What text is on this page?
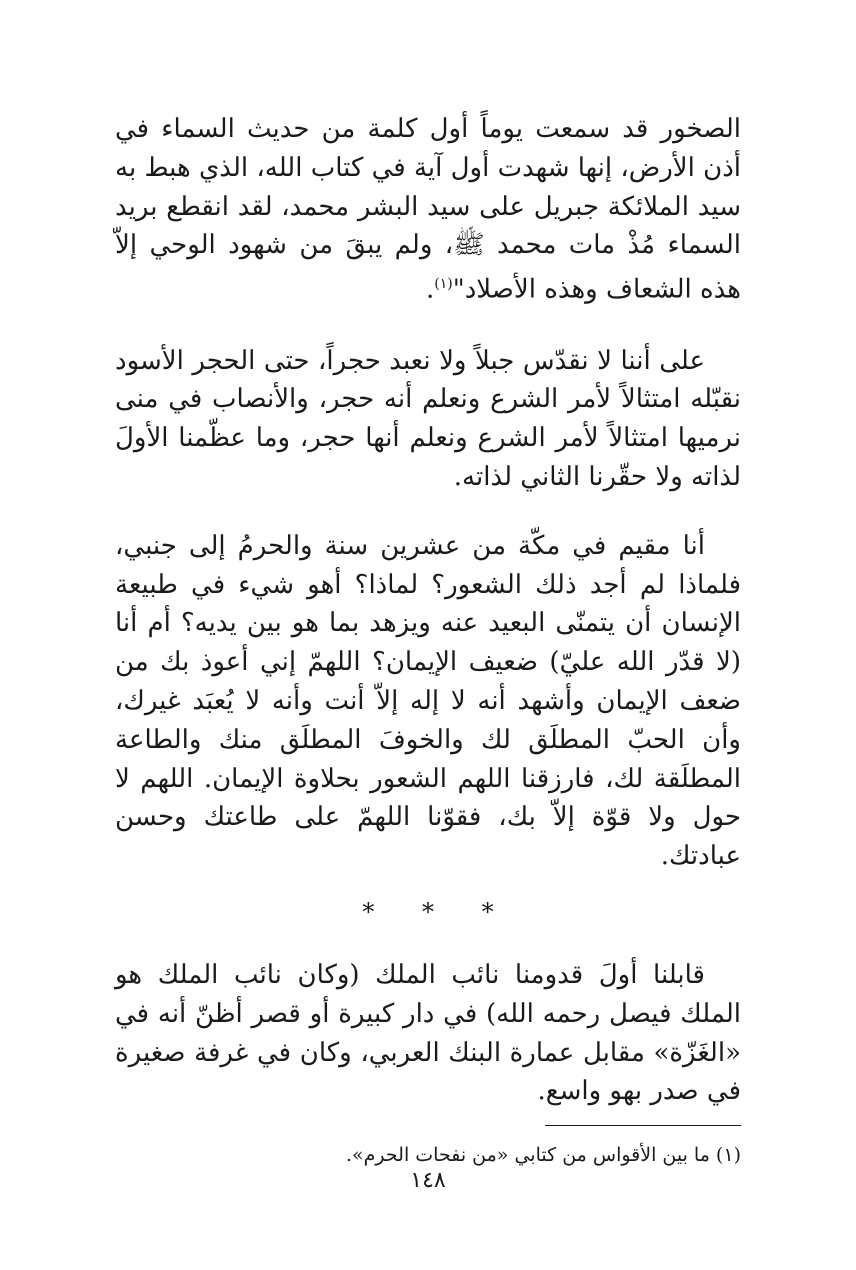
الصخور قد سمعت يوماً أول كلمة من حديث السماء في أذن الأرض، إنها شهدت أول آية في كتاب الله، الذي هبط به سيد الملائكة جبريل على سيد البشر محمد، لقد انقطع بريد السماء مُذْ مات محمد ﷺ، ولم يبقَ من شهود الوحي إلاّ هذه الشعاف وهذه الأصلاد"$^{(١)}$.

على أننا لا نقدّس جبلاً ولا نعبد حجراً، حتى الحجر الأسود نقبّله امتثالاً لأمر الشرع ونعلم أنه حجر، والأنصاب في منى نرميها امتثالاً لأمر الشرع ونعلم أنها حجر، وما عظّمنا الأولَ لذاته ولا حقّرنا الثاني لذاته.

أنا مقيم في مكّة من عشرين سنة والحرمُ إلى جنبي، فلماذا لم أجد ذلك الشعور؟ لماذا؟ أهو شيء في طبيعة الإنسان أن يتمنّى البعيد عنه ويزهد بما هو بين يديه؟ أم أنا (لا قدّر الله عليّ) ضعيف الإيمان؟ اللهمّ إني أعوذ بك من ضعف الإيمان وأشهد أنه لا إله إلاّ أنت وأنه لا يُعبَد غيرك، وأن الحبّ المطلَق لك والخوفَ المطلَق منك والطاعة المطلَقة لك، فارزقنا اللهم الشعور بحلاوة الإيمان. اللهم لا حول ولا قوّة إلاّ بك، فقوّنا اللهمّ على طاعتك وحسن عبادتك.

* * *

قابلنا أولَ قدومنا نائب الملك (وكان نائب الملك هو الملك فيصل رحمه الله) في دار كبيرة أو قصر أظنّ أنه في «الغَزّة» مقابل عمارة البنك العربي، وكان في غرفة صغيرة في صدر بهو واسع.

(١) ما بين الأقواس من كتابي «من نفحات الحرم».

١٤٨
